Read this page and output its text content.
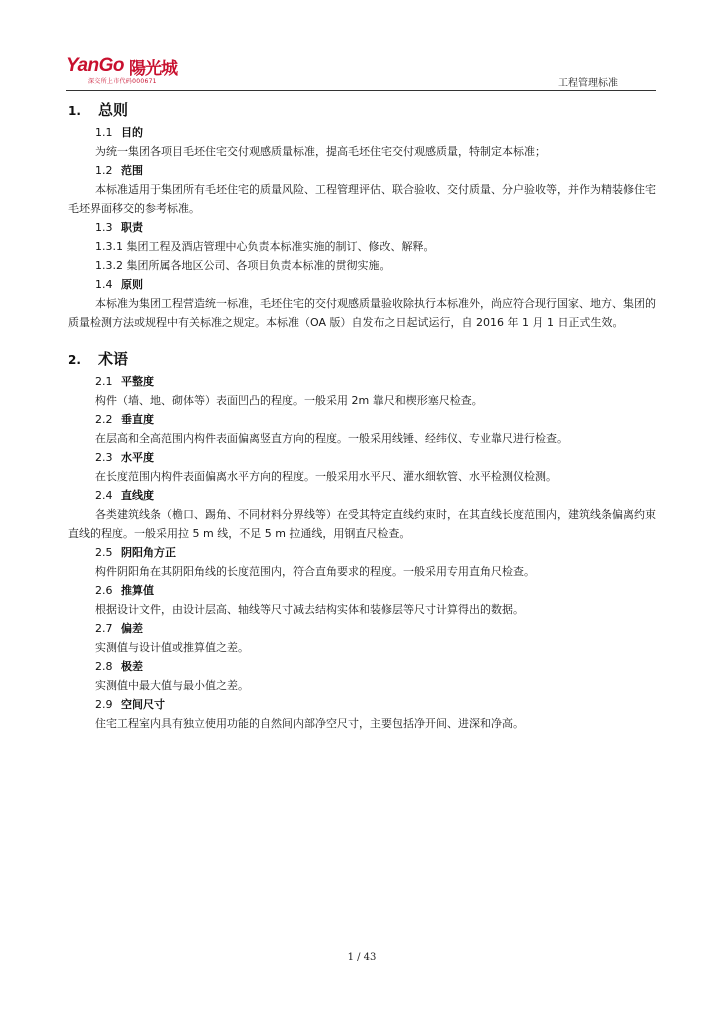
YanGo 陽光城
深交所上市代码000671	工程管理标准
1. 总则
1.1 目的

为统一集团各项目毛坯住宅交付观感质量标准，提高毛坯住宅交付观感质量，特制定本标准；

1.2 范围

本标准适用于集团所有毛坯住宅的质量风险、工程管理评估、联合验收、交付质量、分户验收等，并作为精装修住宅毛坯界面移交的参考标准。

1.3 职责

1.3.1 集团工程及酒店管理中心负责本标准实施的制订、修改、解释。

1.3.2 集团所属各地区公司、各项目负责本标准的贯彻实施。

1.4 原则

本标准为集团工程营造统一标准，毛坯住宅的交付观感质量验收除执行本标准外，尚应符合现行国家、地方、集团的质量检测方法或规程中有关标准之规定。本标准（OA 版）自发布之日起试运行，自 2016 年 1 月 1 日正式生效。

2. 术语
2.1 平整度

构件（墙、地、砌体等）表面凹凸的程度。一般采用 2m 靠尺和楔形塞尺检查。

2.2 垂直度

在层高和全高范围内构件表面偏离竖直方向的程度。一般采用线锤、经纬仪、专业靠尺进行检查。

2.3 水平度

在长度范围内构件表面偏离水平方向的程度。一般采用水平尺、灌水细软管、水平检测仪检测。

2.4 直线度

各类建筑线条（檐口、踢角、不同材料分界线等）在受其特定直线约束时，在其直线长度范围内，建筑线条偏离约束直线的程度。一般采用拉 5 m 线，不足 5 m 拉通线，用钢直尺检查。

2.5 阴阳角方正

构件阴阳角在其阴阳角线的长度范围内，符合直角要求的程度。一般采用专用直角尺检查。

2.6 推算值

根据设计文件，由设计层高、轴线等尺寸减去结构实体和装修层等尺寸计算得出的数据。

2.7 偏差

实测值与设计值或推算值之差。

2.8 极差

实测值中最大值与最小值之差。

2.9 空间尺寸

住宅工程室内具有独立使用功能的自然间内部净空尺寸，主要包括净开间、进深和净高。

1 / 43
